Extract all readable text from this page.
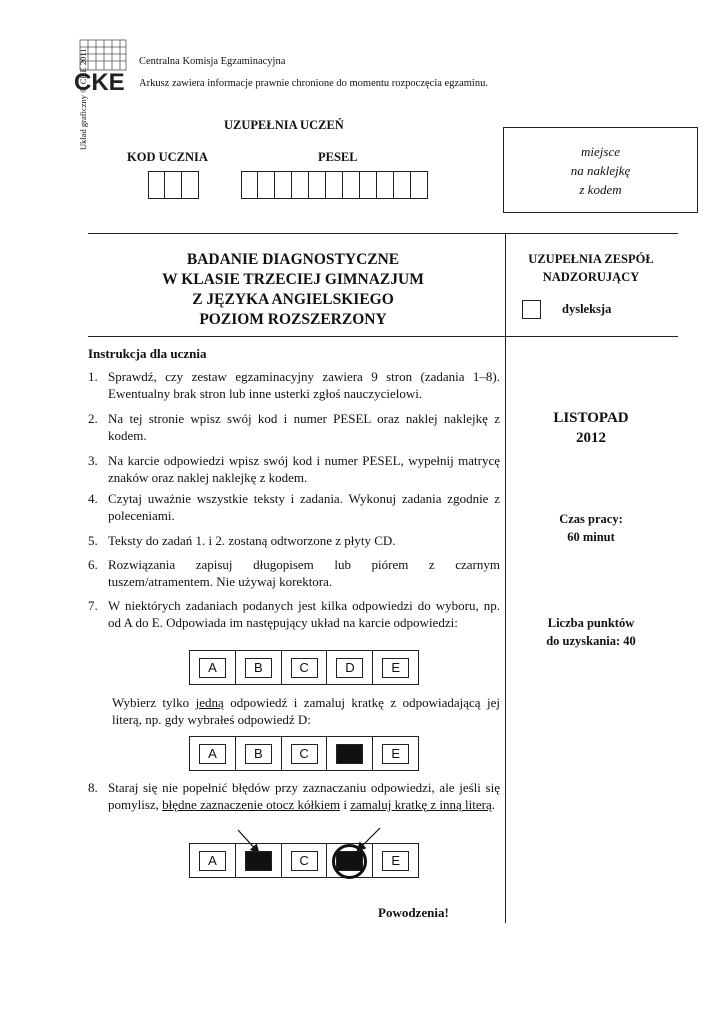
CKE
Centralna Komisja Egzaminacyjna
Arkusz zawiera informacje prawnie chronione do momentu rozpoczęcia egzaminu.
Układ graficzny © CKE 2011	UZUPEŁNIA UCZEŃ
KOD UCZNIA	PESEL	miejsce
na naklejkę
z kodem
BADANIE DIAGNOSTYCZNE
W KLASIE TRZECIEJ GIMNAZJUM
Z JĘZYKA ANGIELSKIEGO
POZIOM ROZSZERZONY
UZUPEŁNIA ZESPÓŁ
NADZORUJĄCY
dysleksja
LISTOPAD
2012
Czas pracy:
60 minut
Liczba punktów
do uzyskania: 40
Instrukcja dla ucznia
1. Sprawdź, czy zestaw egzaminacyjny zawiera 9 stron (zadania 1–8). Ewentualny brak stron lub inne usterki zgłoś nauczycielowi.
2. Na tej stronie wpisz swój kod i numer PESEL oraz naklej naklejkę z kodem.
3. Na karcie odpowiedzi wpisz swój kod i numer PESEL, wypełnij matrycę znaków oraz naklej naklejkę z kodem.
4. Czytaj uważnie wszystkie teksty i zadania. Wykonuj zadania zgodnie z poleceniami.
5. Teksty do zadań 1. i 2. zostaną odtworzone z płyty CD.
6. Rozwiązania zapisuj długopisem lub piórem z czarnym tuszem/atramentem. Nie używaj korektora.
7. W niektórych zadaniach podanych jest kilka odpowiedzi do wyboru, np. od A do E. Odpowiada im następujący układ na karcie odpowiedzi:
A	B	C	D	E
Wybierz tylko jedną odpowiedź i zamaluj kratkę z odpowiadającą jej literą, np. gdy wybrałeś odpowiedź D:
A	B	C	E
8. Staraj się nie popełnić błędów przy zaznaczaniu odpowiedzi, ale jeśli się pomylisz, błędne zaznaczenie otocz kółkiem i zamaluj kratkę z inną literą.
A	C	E
Powodzenia!
